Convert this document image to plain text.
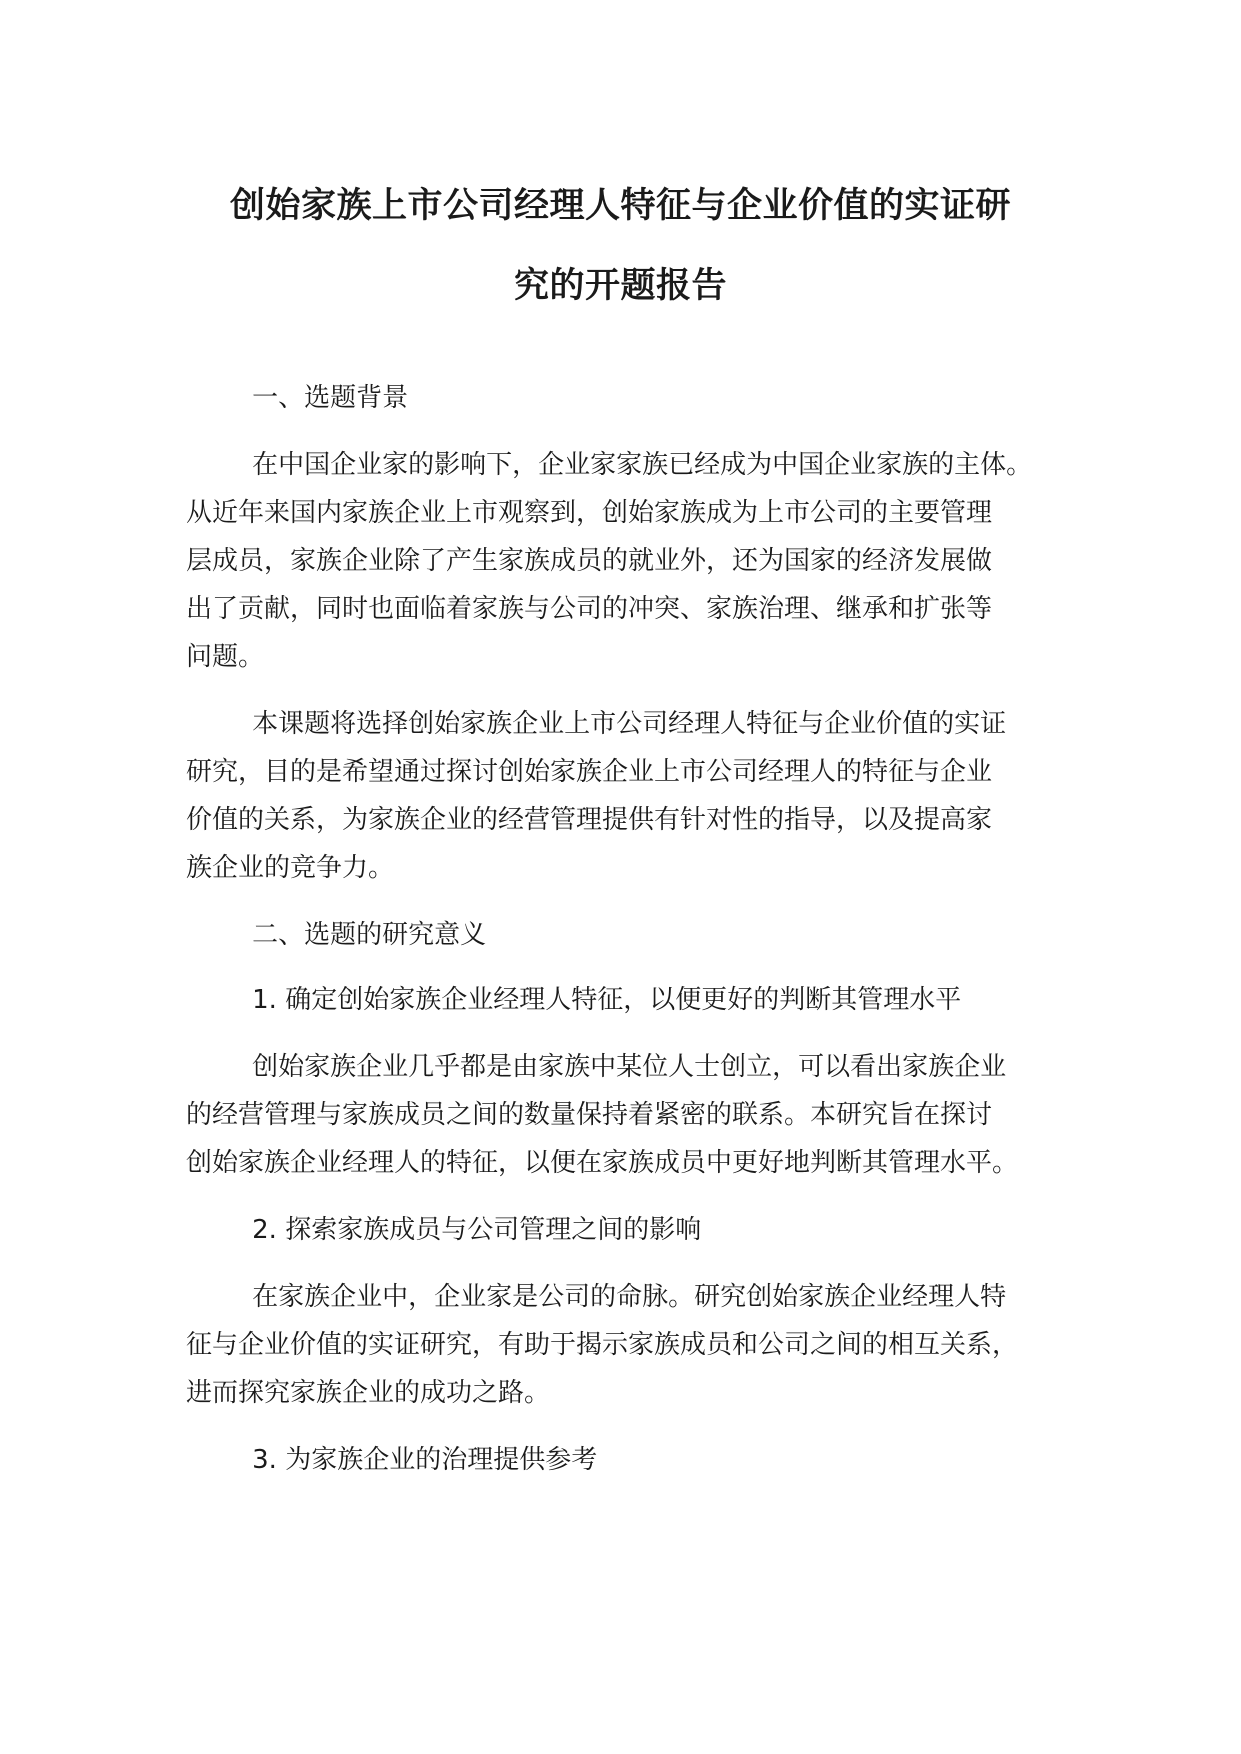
创始家族上市公司经理人特征与企业价值的实证研
究的开题报告

一、选题背景

在中国企业家的影响下，企业家家族已经成为中国企业家族的主体。

从近年来国内家族企业上市观察到，创始家族成为上市公司的主要管理

层成员，家族企业除了产生家族成员的就业外，还为国家的经济发展做

出了贡献，同时也面临着家族与公司的冲突、家族治理、继承和扩张等

问题。

本课题将选择创始家族企业上市公司经理人特征与企业价值的实证

研究，目的是希望通过探讨创始家族企业上市公司经理人的特征与企业

价值的关系，为家族企业的经营管理提供有针对性的指导，以及提高家

族企业的竞争力。

二、选题的研究意义

1. 确定创始家族企业经理人特征，以便更好的判断其管理水平

创始家族企业几乎都是由家族中某位人士创立，可以看出家族企业

的经营管理与家族成员之间的数量保持着紧密的联系。本研究旨在探讨

创始家族企业经理人的特征，以便在家族成员中更好地判断其管理水平。

2. 探索家族成员与公司管理之间的影响

在家族企业中，企业家是公司的命脉。研究创始家族企业经理人特

征与企业价值的实证研究，有助于揭示家族成员和公司之间的相互关系，

进而探究家族企业的成功之路。

3. 为家族企业的治理提供参考
